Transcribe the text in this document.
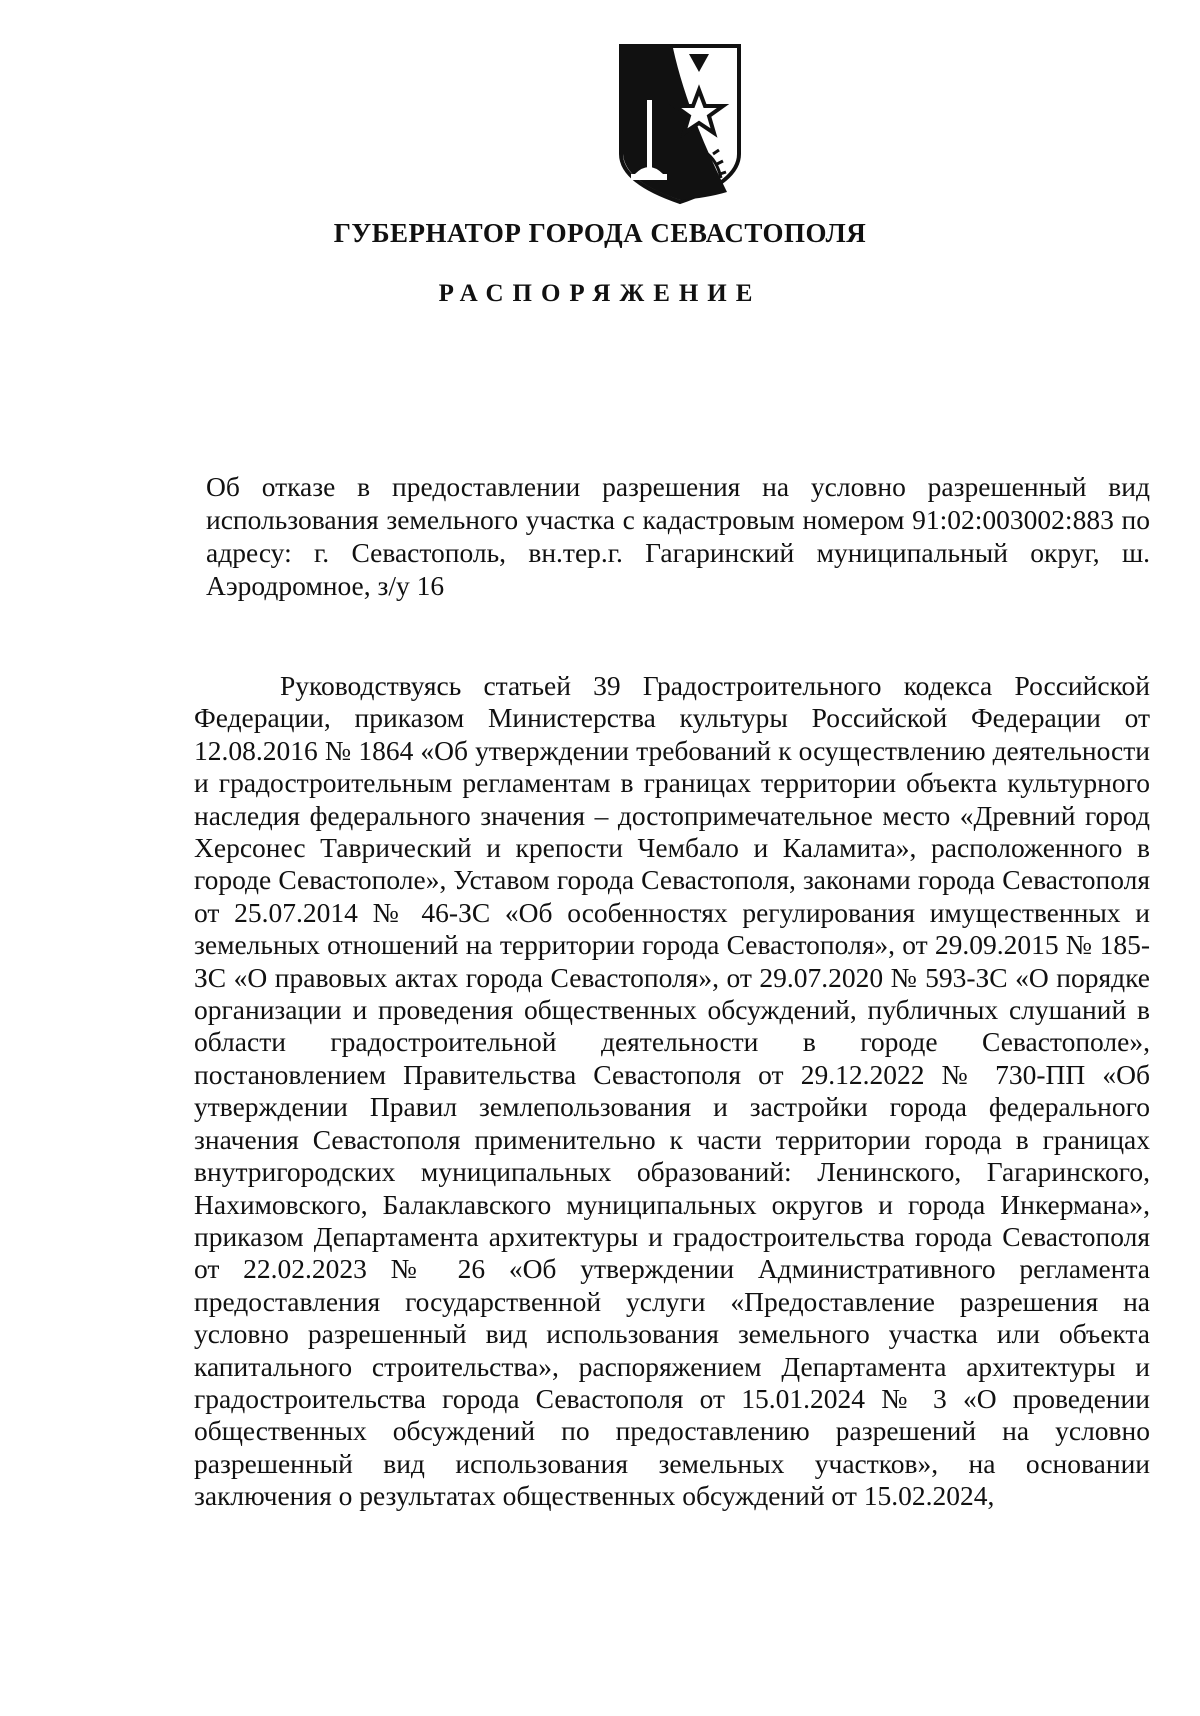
ГУБЕРНАТОР ГОРОДА СЕВАСТОПОЛЯ
РАСПОРЯЖЕНИЕ

Об отказе в предоставлении разрешения на условно разрешенный вид использования земельного участка с кадастровым номером 91:02:003002:883 по адресу: г. Севастополь, вн.тер.г. Гагаринский муниципальный округ, ш. Аэродромное, з/у 16

Руководствуясь статьей 39 Градостроительного кодекса Российской Федерации, приказом Министерства культуры Российской Федерации от 12.08.2016 № 1864 «Об утверждении требований к осуществлению деятельности и градостроительным регламентам в границах территории объекта культурного наследия федерального значения – достопримечательное место «Древний город Херсонес Таврический и крепости Чембало и Каламита», расположенного в городе Севастополе», Уставом города Севастополя, законами города Севастополя от 25.07.2014 № 46-ЗС «Об особенностях регулирования имущественных и земельных отношений на территории города Севастополя», от 29.09.2015 № 185-ЗС «О правовых актах города Севастополя», от 29.07.2020 № 593-ЗС «О порядке организации и проведения общественных обсуждений, публичных слушаний в области градостроительной деятельности в городе Севастополе», постановлением Правительства Севастополя от 29.12.2022 № 730-ПП «Об утверждении Правил землепользования и застройки города федерального значения Севастополя применительно к части территории города в границах внутригородских муниципальных образований: Ленинского, Гагаринского, Нахимовского, Балаклавского муниципальных округов и города Инкермана», приказом Департамента архитектуры и градостроительства города Севастополя от 22.02.2023 № 26 «Об утверждении Административного регламента предоставления государственной услуги «Предоставление разрешения на условно разрешенный вид использования земельного участка или объекта капитального строительства», распоряжением Департамента архитектуры и градостроительства города Севастополя от 15.01.2024 № 3 «О проведении общественных обсуждений по предоставлению разрешений на условно разрешенный вид использования земельных участков», на основании заключения о результатах общественных обсуждений от 15.02.2024,
